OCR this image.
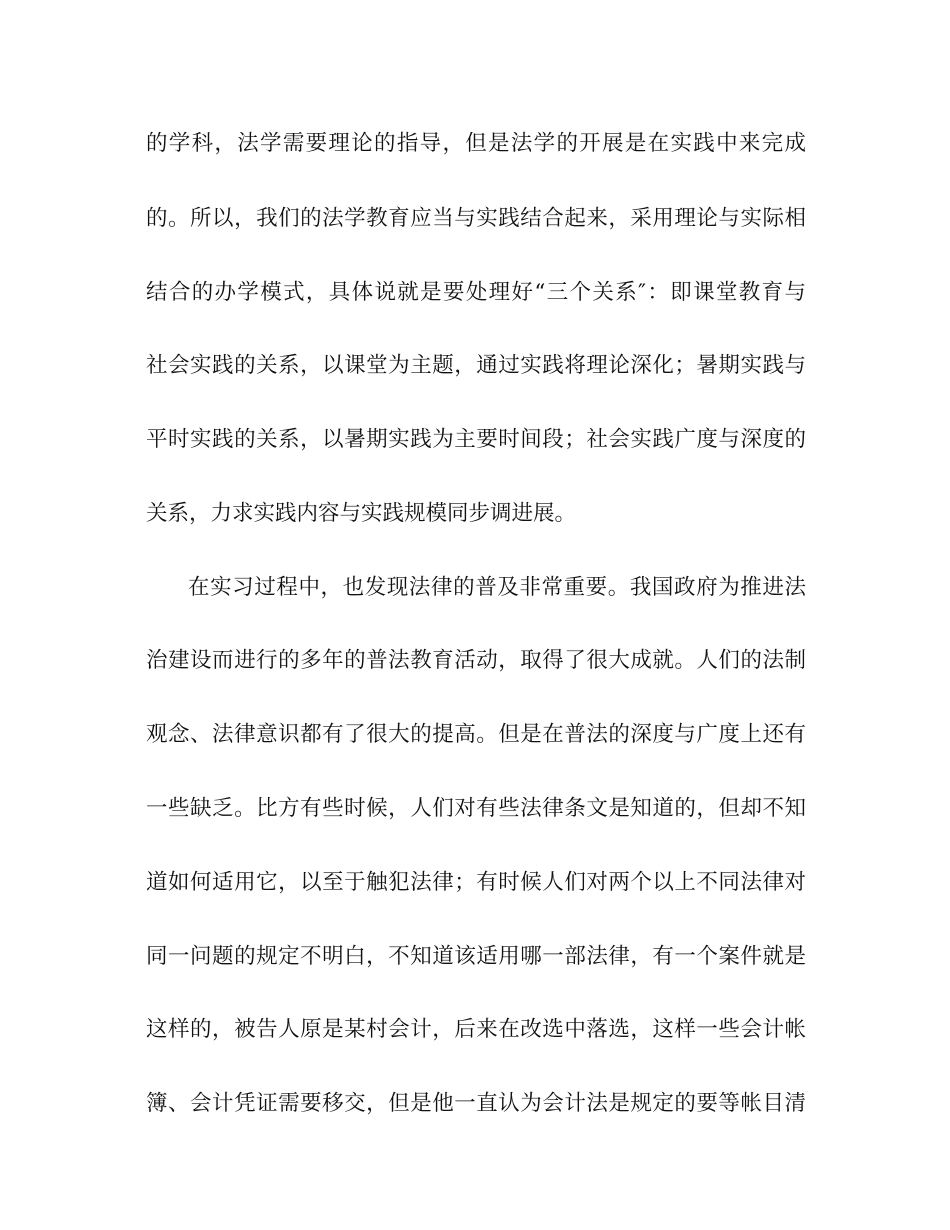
的学科，法学需要理论的指导，但是法学的开展是在实践中来完成
的。所以，我们的法学教育应当与实践结合起来，采用理论与实际相
结合的办学模式，具体说就是要处理好“三个关系″：即课堂教育与
社会实践的关系，以课堂为主题，通过实践将理论深化；暑期实践与
平时实践的关系，以暑期实践为主要时间段；社会实践广度与深度的
关系，力求实践内容与实践规模同步调进展。
在实习过程中，也发现法律的普及非常重要。我国政府为推进法
治建设而进行的多年的普法教育活动，取得了很大成就。人们的法制
观念、法律意识都有了很大的提高。但是在普法的深度与广度上还有
一些缺乏。比方有些时候，人们对有些法律条文是知道的，但却不知
道如何适用它，以至于触犯法律；有时候人们对两个以上不同法律对
同一问题的规定不明白，不知道该适用哪一部法律，有一个案件就是
这样的，被告人原是某村会计，后来在改选中落选，这样一些会计帐
簿、会计凭证需要移交，但是他一直认为会计法是规定的要等帐目清
